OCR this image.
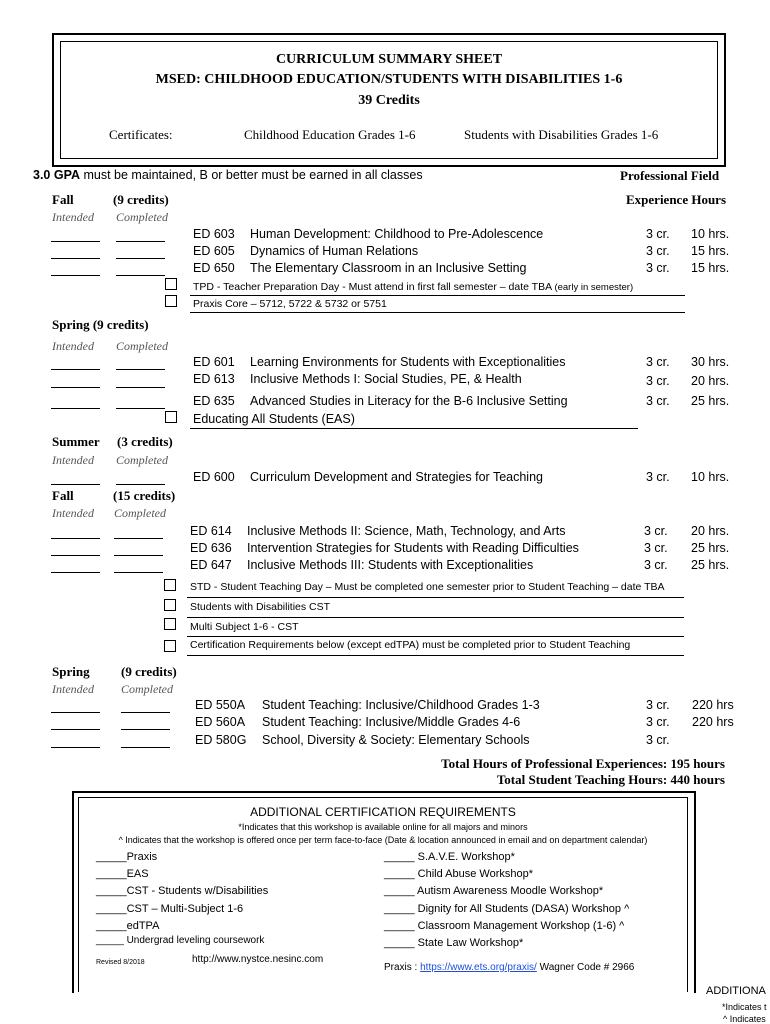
CURRICULUM SUMMARY SHEET
MSED: CHILDHOOD EDUCATION/STUDENTS WITH DISABILITIES 1-6
39 Credits
Certificates:	Childhood Education Grades 1-6	Students with Disabilities Grades 1-6
3.0 GPA must be maintained, B or better must be earned in all classes	Professional Field
Experience Hours
Fall	(9 credits)
Intended Completed
ED 603 Human Development: Childhood to Pre-Adolescence	3 cr. 10 hrs.
ED 605 Dynamics of Human Relations	3 cr. 15 hrs.
ED 650 The Elementary Classroom in an Inclusive Setting	3 cr. 15 hrs.
TPD - Teacher Preparation Day - Must attend in first fall semester – date TBA (early in semester)
Praxis Core – 5712, 5722 & 5732 or 5751
Spring (9 credits)
Intended Completed
ED 601 Learning Environments for Students with Exceptionalities	3 cr. 30 hrs.
ED 613 Inclusive Methods I: Social Studies, PE, & Health	3 cr. 20 hrs.
ED 635 Advanced Studies in Literacy for the B-6 Inclusive Setting	3 cr. 25 hrs.
Educating All Students (EAS)
Summer (3 credits)
Intended Completed
ED 600 Curriculum Development and Strategies for Teaching	3 cr. 10 hrs.
Fall	(15 credits)
Intended Completed
ED 614 Inclusive Methods II: Science, Math, Technology, and Arts	3 cr. 20 hrs.
ED 636 Intervention Strategies for Students with Reading Difficulties	3 cr. 25 hrs.
ED 647 Inclusive Methods III: Students with Exceptionalities	3 cr. 25 hrs.
STD - Student Teaching Day – Must be completed one semester prior to Student Teaching – date TBA
Students with Disabilities CST
Multi Subject 1-6 - CST
Certification Requirements below (except edTPA) must be completed prior to Student Teaching
Spring (9 credits)
Intended Completed
ED 550A Student Teaching: Inclusive/Childhood Grades 1-3	3 cr. 220 hrs
ED 560A Student Teaching: Inclusive/Middle Grades 4-6	3 cr. 220 hrs
ED 580G School, Diversity & Society: Elementary Schools	3 cr.
Total Hours of Professional Experiences: 195 hours
Total Student Teaching Hours: 440 hours
ADDITIONAL CERTIFICATION REQUIREMENTS
*Indicates that this workshop is available online for all majors and minors
^ Indicates that the workshop is offered once per term face-to-face (Date & location announced in email and on department calendar)
_____Praxis
_____EAS
_____CST - Students w/Disabilities
_____CST – Multi-Subject 1-6
_____edTPA
_____ Undergrad leveling coursework
_____ S.A.V.E. Workshop*
_____ Child Abuse Workshop*
_____ Autism Awareness Moodle Workshop*
_____ Dignity for All Students (DASA) Workshop ^
_____ Classroom Management Workshop (1-6) ^
_____ State Law Workshop*
Revised 8/2018	http://www.nystce.nesinc.com
Praxis : https://www.ets.org/praxis/ Wagner Code # 2966
ADDITIONA
*Indicates t
^ Indicates
